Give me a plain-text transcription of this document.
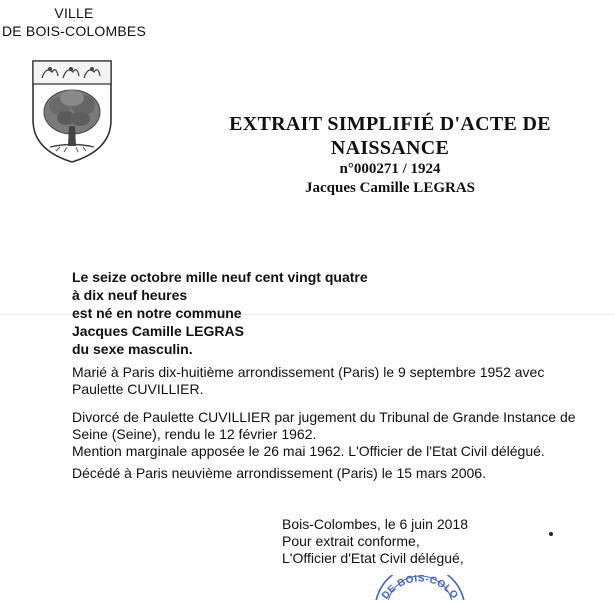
VILLE
DE BOIS-COLOMBES
EXTRAIT SIMPLIFIÉ D'ACTE DE NAISSANCE
n°000271 / 1924
Jacques Camille LEGRAS
Le seize octobre mille neuf cent vingt quatre
à dix neuf heures
est né en notre commune
Jacques Camille LEGRAS
du sexe masculin.
Marié à Paris dix-huitième arrondissement (Paris) le 9 septembre 1952 avec Paulette CUVILLIER.
Divorcé de Paulette CUVILLIER par jugement du Tribunal de Grande Instance de Seine (Seine), rendu le 12 février 1962.
Mention marginale apposée le 26 mai 1962. L'Officier de l'Etat Civil délégué.
Décédé à Paris neuvième arrondissement (Paris) le 15 mars 2006.
Bois-Colombes, le 6 juin 2018
Pour extrait conforme,
L'Officier d'Etat Civil délégué,
DE BOIS-COLO
